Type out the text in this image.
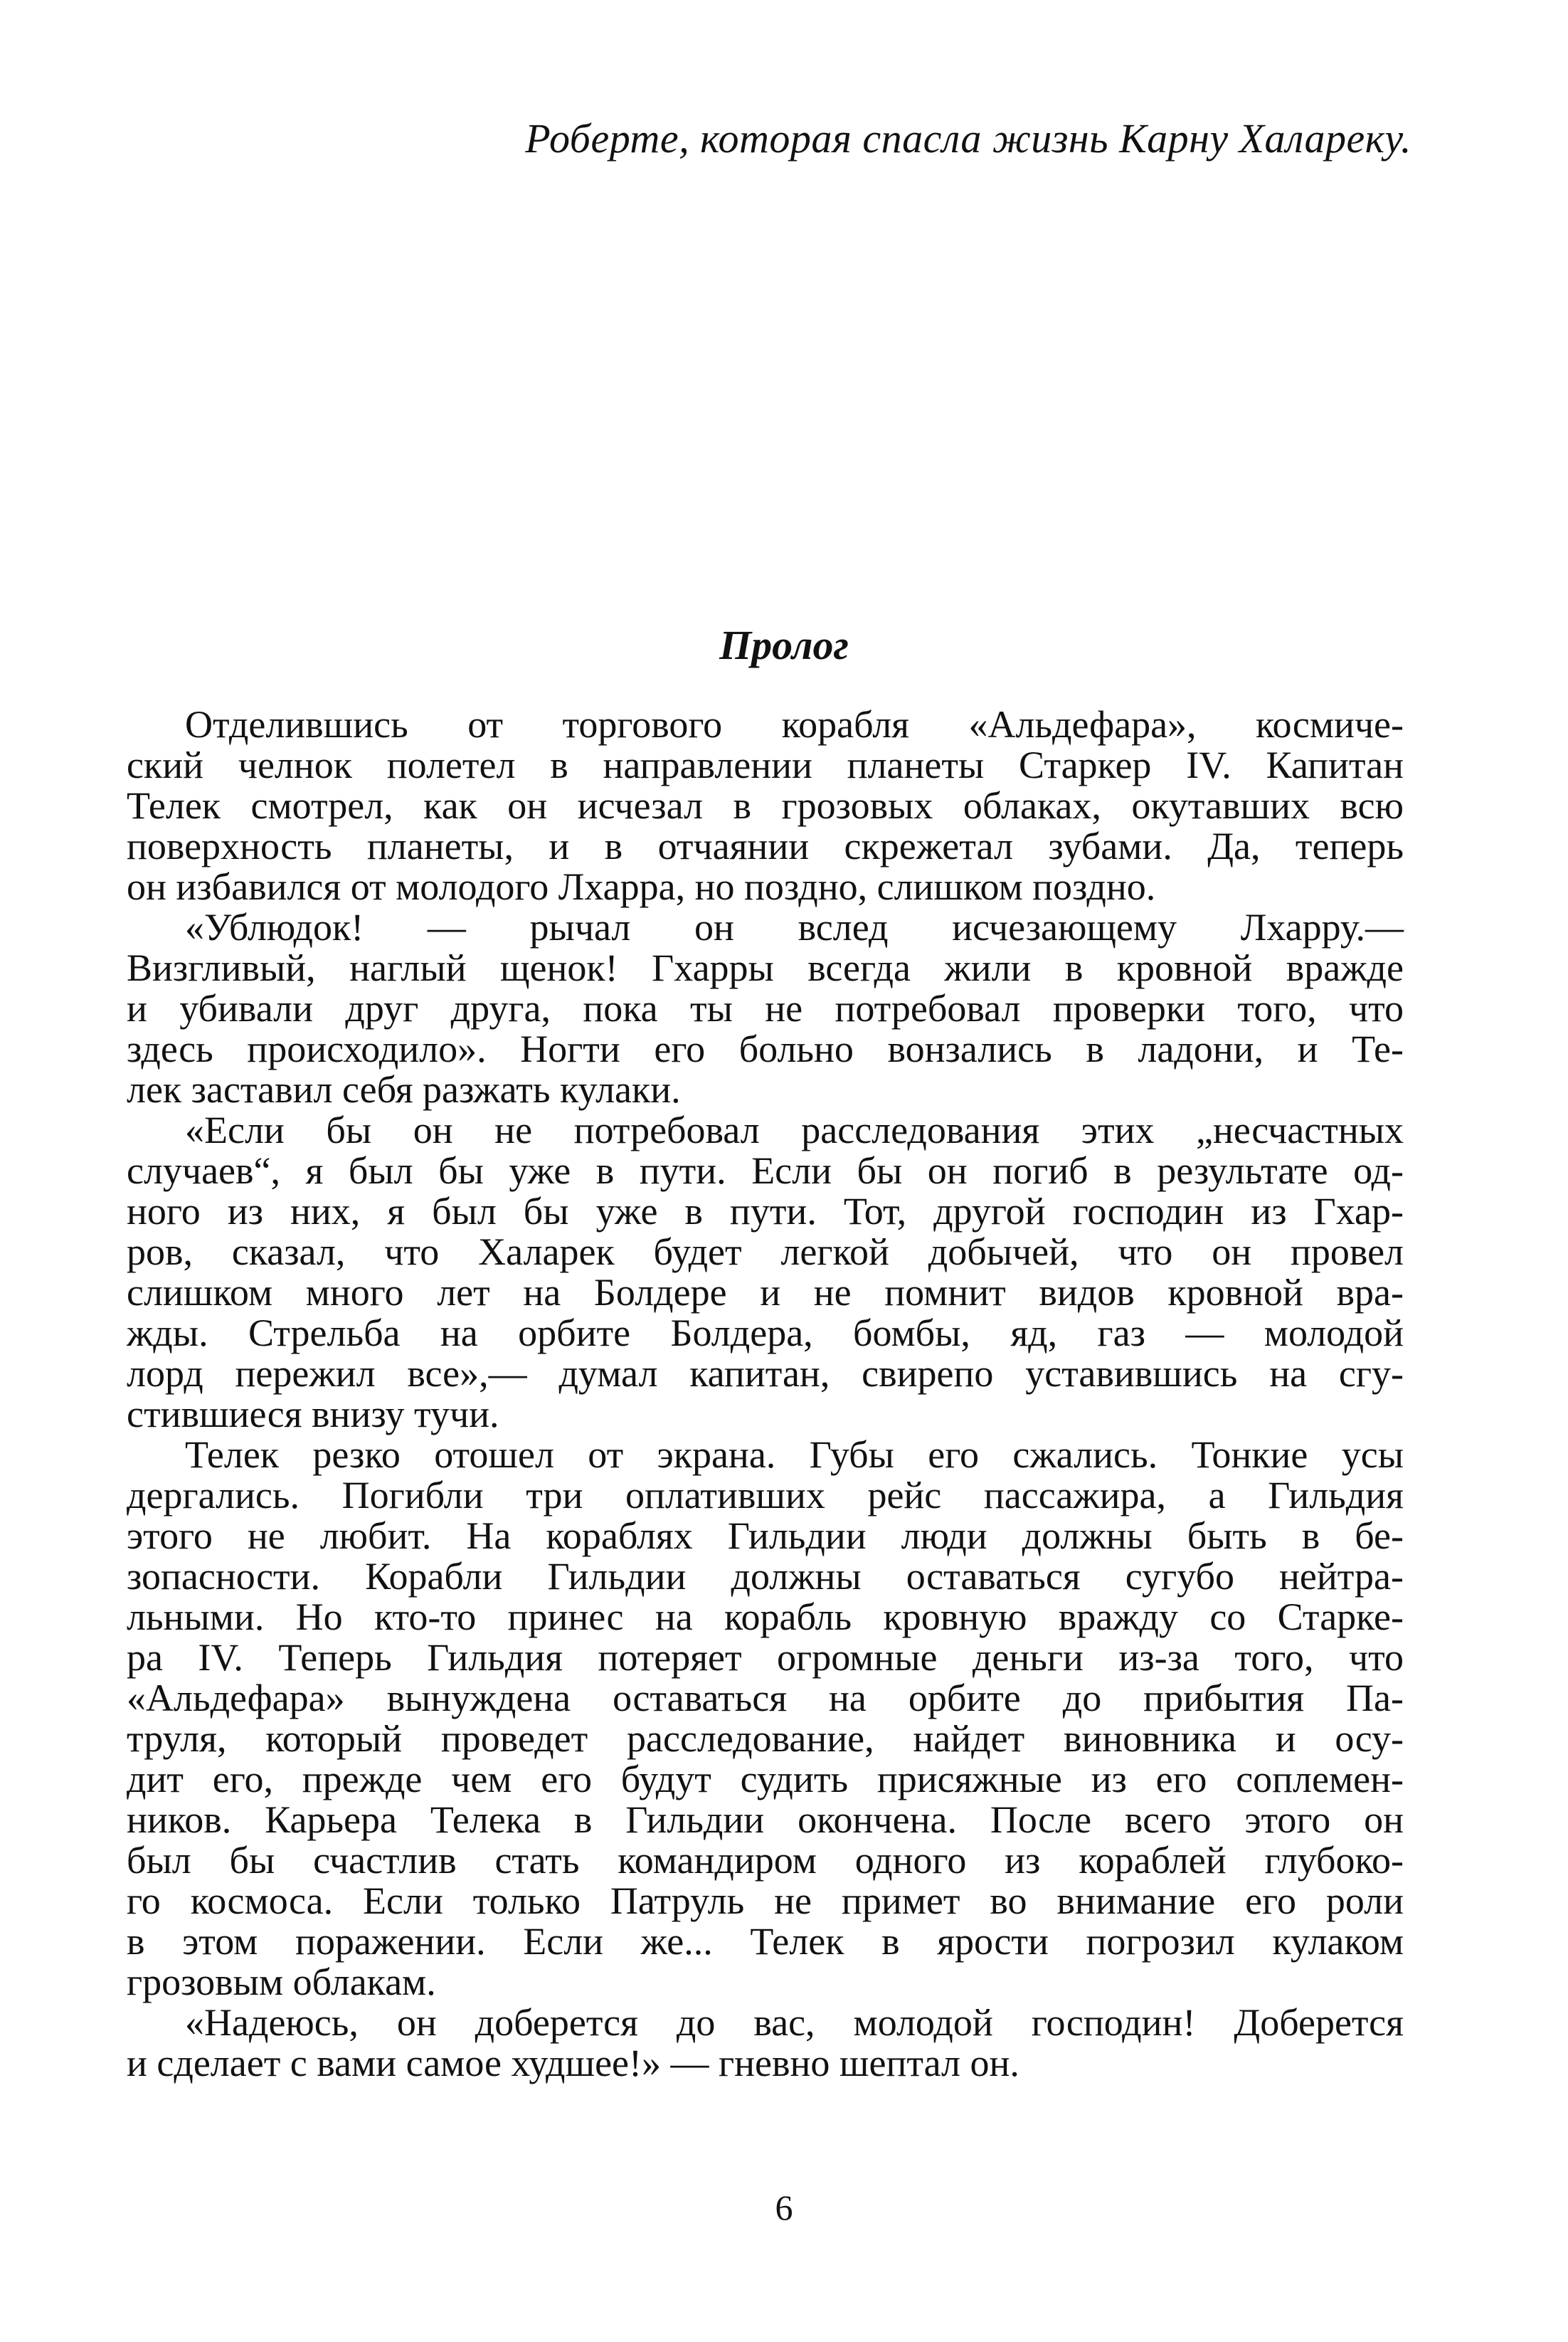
Роберте, которая спасла жизнь Карну Халареку.
Пролог
Отделившись от торгового корабля «Альдефара», космиче-
ский челнок полетел в направлении планеты Старкер IV. Капитан
Телек смотрел, как он исчезал в грозовых облаках, окутавших всю
поверхность планеты, и в отчаянии скрежетал зубами. Да, теперь
он избавился от молодого Лхарра, но поздно, слишком поздно.
«Ублюдок! — рычал он вслед исчезающему Лхарру.—
Визгливый, наглый щенок! Гхарры всегда жили в кровной вражде
и убивали друг друга, пока ты не потребовал проверки того, что
здесь происходило». Ногти его больно вонзались в ладони, и Те-
лек заставил себя разжать кулаки.
«Если бы он не потребовал расследования этих „несчастных
случаев“, я был бы уже в пути. Если бы он погиб в результате од-
ного из них, я был бы уже в пути. Тот, другой господин из Гхар-
ров, сказал, что Халарек будет легкой добычей, что он провел
слишком много лет на Болдере и не помнит видов кровной вра-
жды. Стрельба на орбите Болдера, бомбы, яд, газ — молодой
лорд пережил все»,— думал капитан, свирепо уставившись на сгу-
стившиеся внизу тучи.
Телек резко отошел от экрана. Губы его сжались. Тонкие усы
дергались. Погибли три оплативших рейс пассажира, а Гильдия
этого не любит. На кораблях Гильдии люди должны быть в бе-
зопасности. Корабли Гильдии должны оставаться сугубо нейтра-
льными. Но кто-то принес на корабль кровную вражду со Старке-
ра IV. Теперь Гильдия потеряет огромные деньги из-за того, что
«Альдефара» вынуждена оставаться на орбите до прибытия Па-
труля, который проведет расследование, найдет виновника и осу-
дит его, прежде чем его будут судить присяжные из его соплемен-
ников. Карьера Телека в Гильдии окончена. После всего этого он
был бы счастлив стать командиром одного из кораблей глубоко-
го космоса. Если только Патруль не примет во внимание его роли
в этом поражении. Если же... Телек в ярости погрозил кулаком
грозовым облакам.
«Надеюсь, он доберется до вас, молодой господин! Доберется
и сделает с вами самое худшее!» — гневно шептал он.
6
